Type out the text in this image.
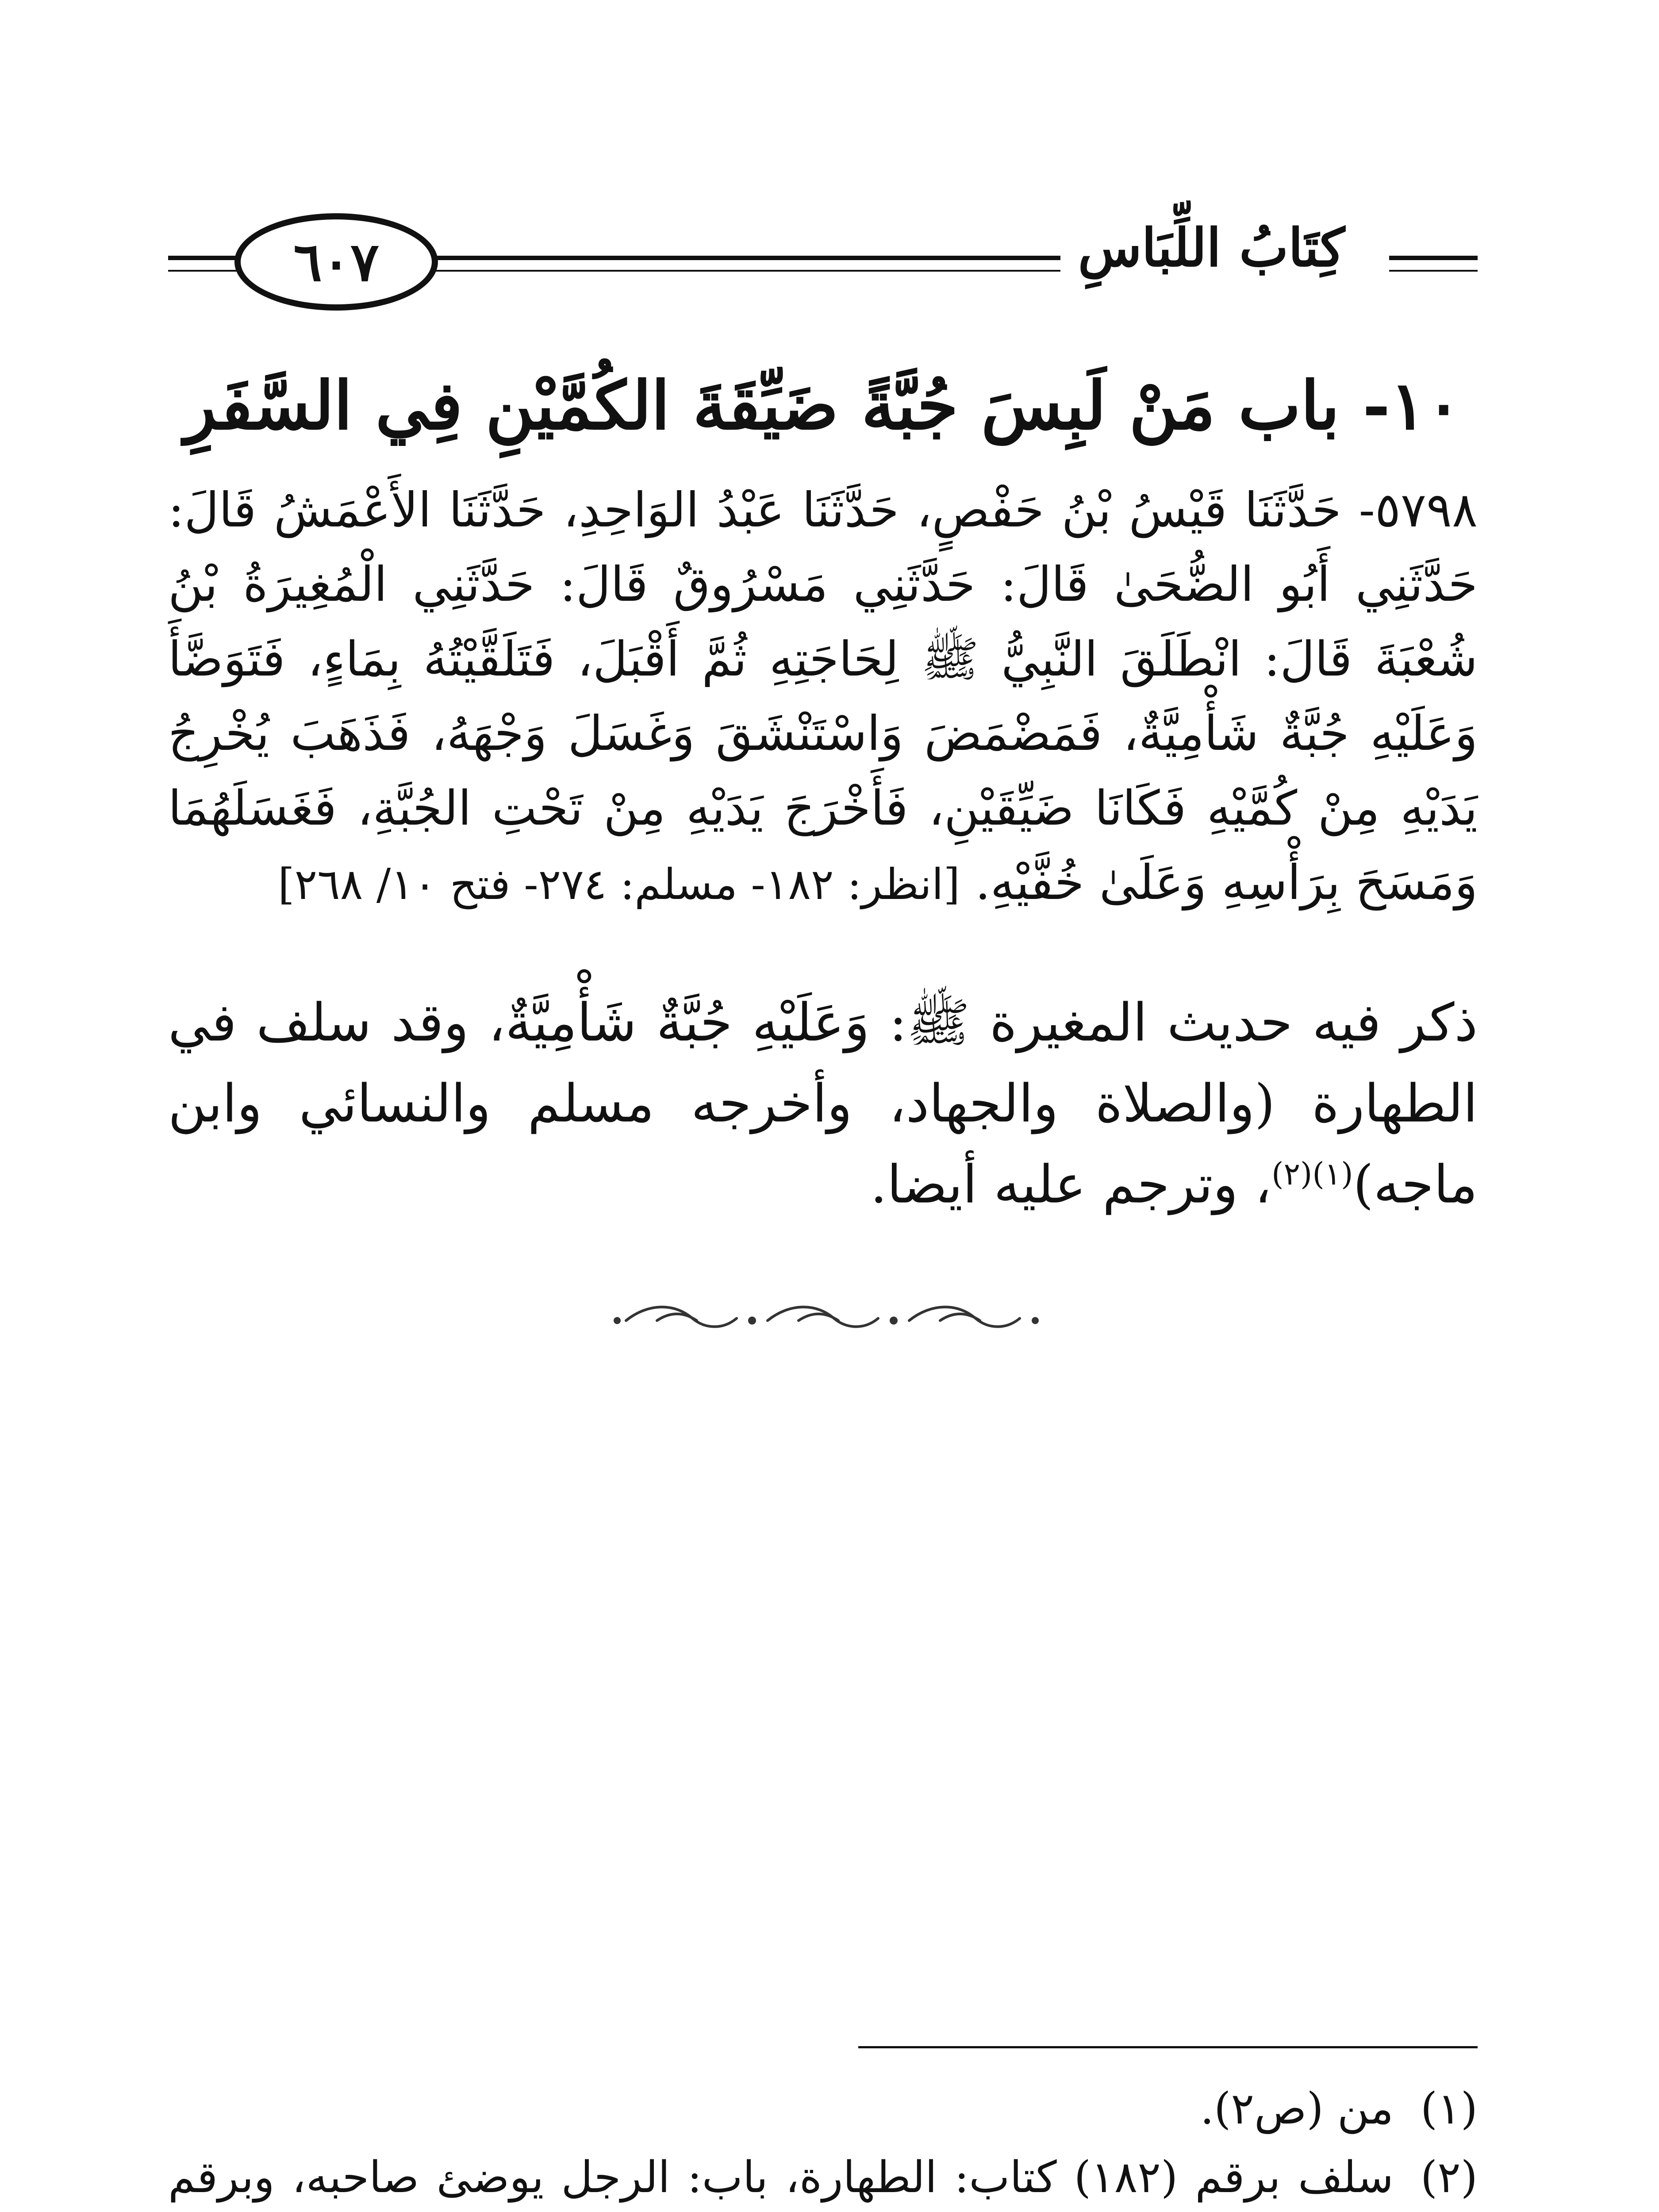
٦٠٧	كِتَابُ اللِّبَاسِ
١٠- باب مَنْ لَبِسَ جُبَّةً ضَيِّقَةَ الكُمَّيْنِ فِي السَّفَرِ
٥٧٩٨- حَدَّثَنَا قَيْسُ بْنُ حَفْصٍ، حَدَّثَنَا عَبْدُ الوَاحِدِ، حَدَّثَنَا الأَعْمَشُ قَالَ: حَدَّثَنِي أَبُو الضُّحَىٰ قَالَ: حَدَّثَنِي مَسْرُوقٌ قَالَ: حَدَّثَنِي الْمُغِيرَةُ بْنُ شُعْبَةَ قَالَ: انْطَلَقَ النَّبِيُّ ﷺ لِحَاجَتِهِ ثُمَّ أَقْبَلَ، فَتَلَقَّيْتُهُ بِمَاءٍ، فَتَوَضَّأَ وَعَلَيْهِ جُبَّةٌ شَأْمِيَّةٌ، فَمَضْمَضَ وَاسْتَنْشَقَ وَغَسَلَ وَجْهَهُ، فَذَهَبَ يُخْرِجُ يَدَيْهِ مِنْ كُمَّيْهِ فَكَانَا ضَيِّقَيْنِ، فَأَخْرَجَ يَدَيْهِ مِنْ تَحْتِ الجُبَّةِ، فَغَسَلَهُمَا وَمَسَحَ بِرَأْسِهِ وَعَلَىٰ خُفَّيْهِ. [انظر: ١٨٢- مسلم: ٢٧٤- فتح ١٠/ ٢٦٨]
ذكر فيه حديث المغيرة ﷺ: وَعَلَيْهِ جُبَّةٌ شَأْمِيَّةٌ، وقد سلف في الطهارة (والصلاة والجهاد، وأخرجه مسلم والنسائي وابن ماجه)$^{(١)(٢)}$، وترجم عليه أيضا.
(١)
من (ص٢).
(٢)
سلف برقم (١٨٢) كتاب: الطهارة، باب: الرجل يوضئ صاحبه، وبرقم
